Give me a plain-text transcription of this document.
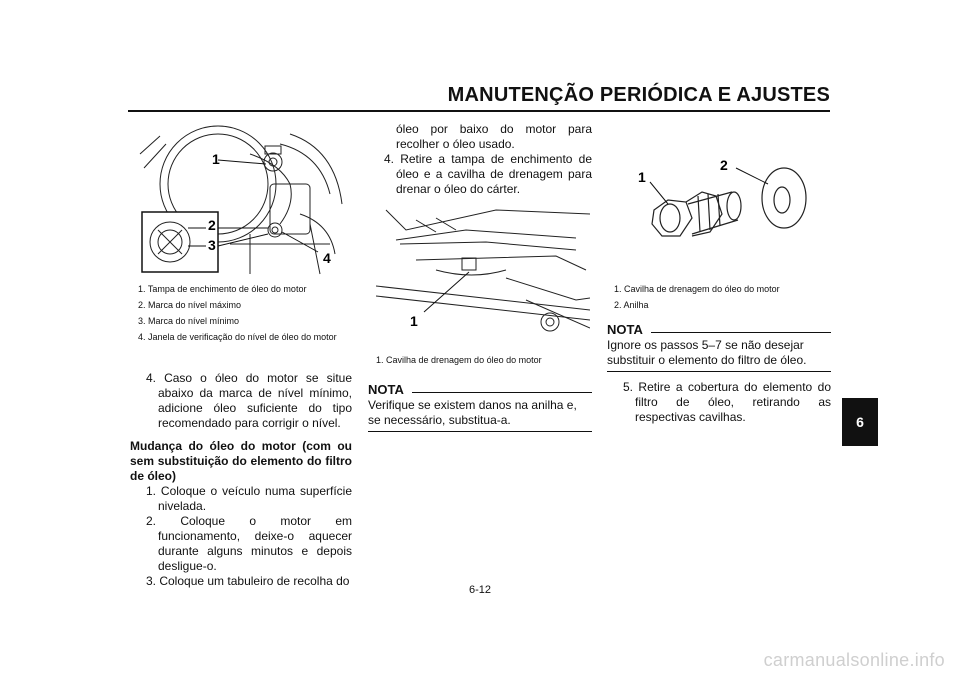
MANUTENÇÃO PERIÓDICA E AJUSTES
6
1
2
3
4
1. Tampa de enchimento de óleo do motor
2. Marca do nível máximo
3. Marca do nível mínimo
4. Janela de verificação do nível de óleo do motor
4. Caso o óleo do motor se situe abaixo da marca de nível mínimo, adicione óleo suficiente do tipo recomendado para corrigir o nível.
Mudança do óleo do motor (com ou sem substituição do elemento do filtro de óleo)
1. Coloque o veículo numa superfície nivelada.
2. Coloque o motor em funcionamento, deixe-o aquecer durante alguns minutos e depois desligue-o.
3. Coloque um tabuleiro de recolha do
óleo por baixo do motor para recolher o óleo usado.
4. Retire a tampa de enchimento de óleo e a cavilha de drenagem para drenar o óleo do cárter.
1
1. Cavilha de drenagem do óleo do motor
NOTA
Verifique se existem danos na anilha e, se necessário, substitua-a.
1
2
1. Cavilha de drenagem do óleo do motor
2. Anilha
NOTA
Ignore os passos 5–7 se não desejar substituir o elemento do filtro de óleo.
5. Retire a cobertura do elemento do filtro de óleo, retirando as respectivas cavilhas.
6-12
carmanualsonline.info
